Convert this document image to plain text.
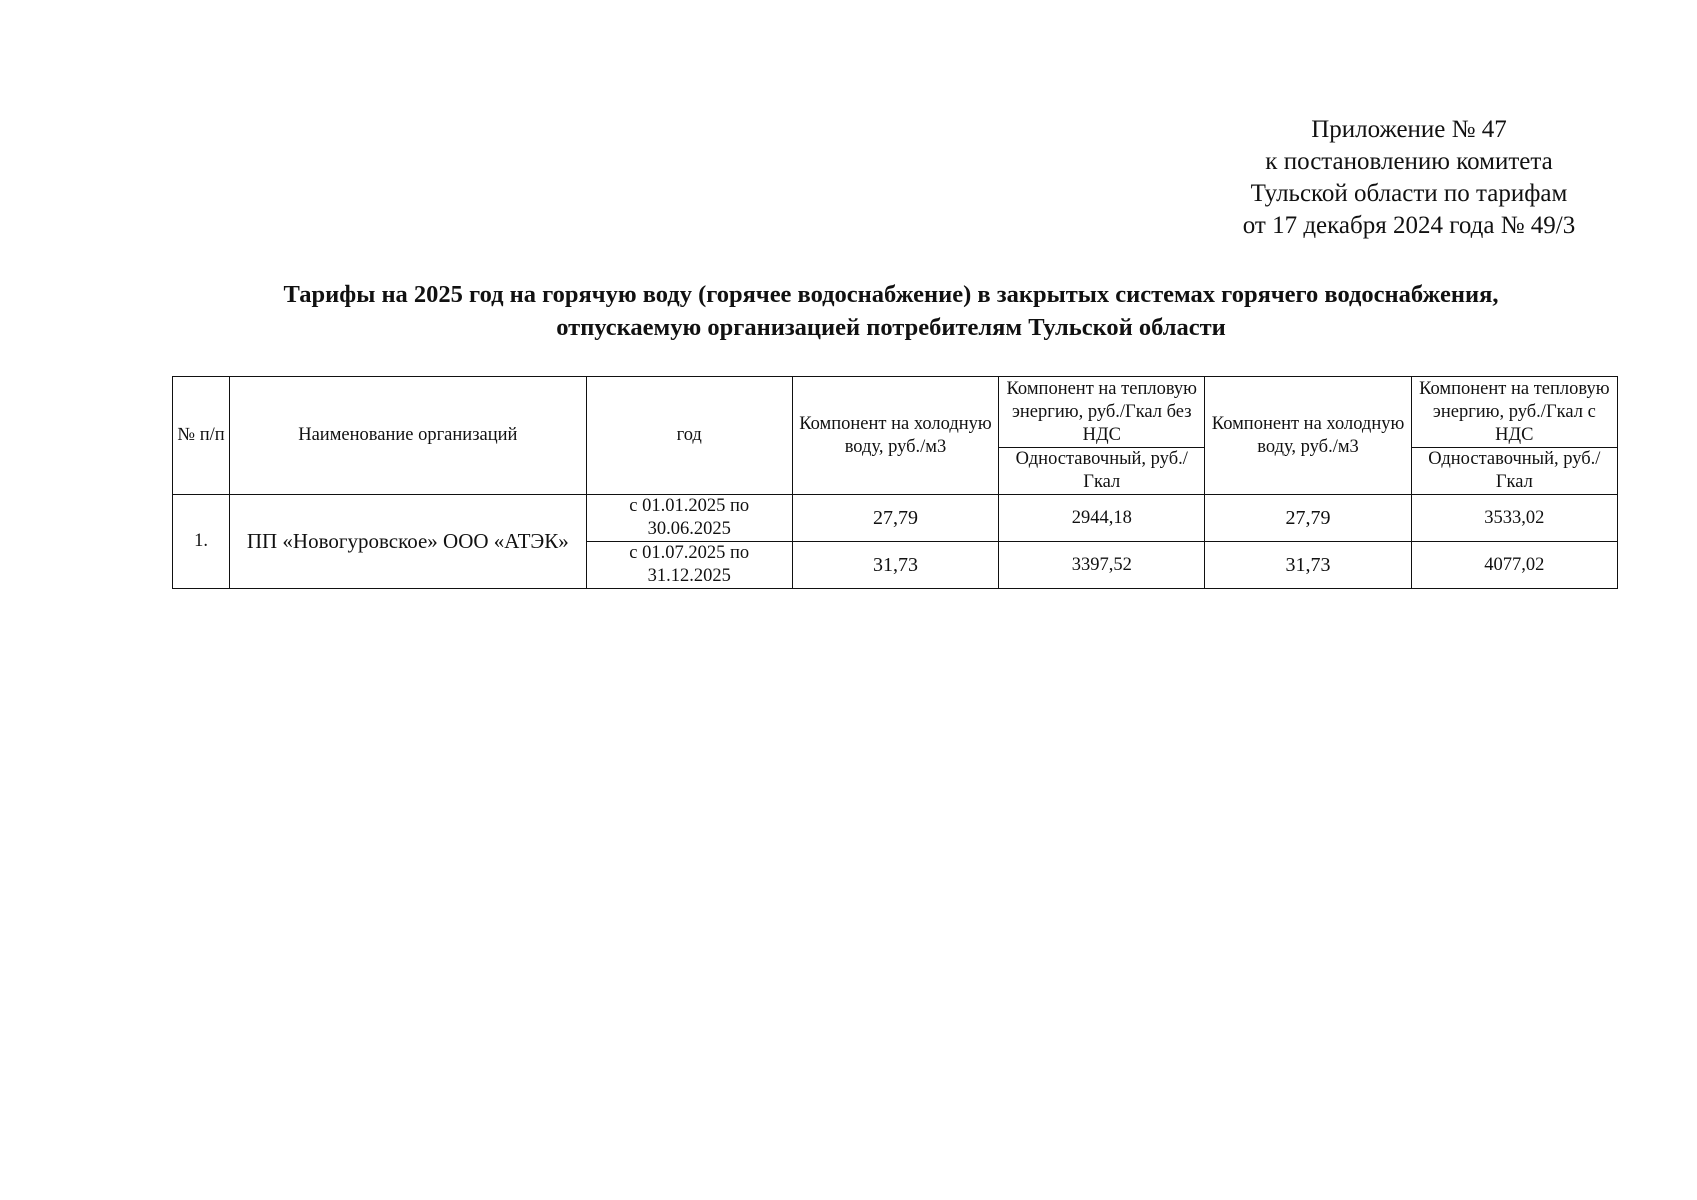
Приложение № 47
к постановлению комитета
Тульской области по тарифам
от 17 декабря 2024 года № 49/3
Тарифы на 2025 год на горячую воду (горячее водоснабжение) в закрытых системах горячего водоснабжения,
отпускаемую организацией потребителям Тульской области
№ п/п	Наименование организаций	год	Компонент на холодную воду, руб./м3	Компонент на тепловую энергию, руб./Гкал без НДС	Компонент на холодную воду, руб./м3	Компонент на тепловую энергию, руб./Гкал с НДС
				Одноставочный, руб./Гкал		Одноставочный, руб./Гкал
1.	ПП «Новогуровское» ООО «АТЭК»	с 01.01.2025 по 30.06.2025	27,79	2944,18	27,79	3533,02
		с 01.07.2025 по 31.12.2025	31,73	3397,52	31,73	4077,02
